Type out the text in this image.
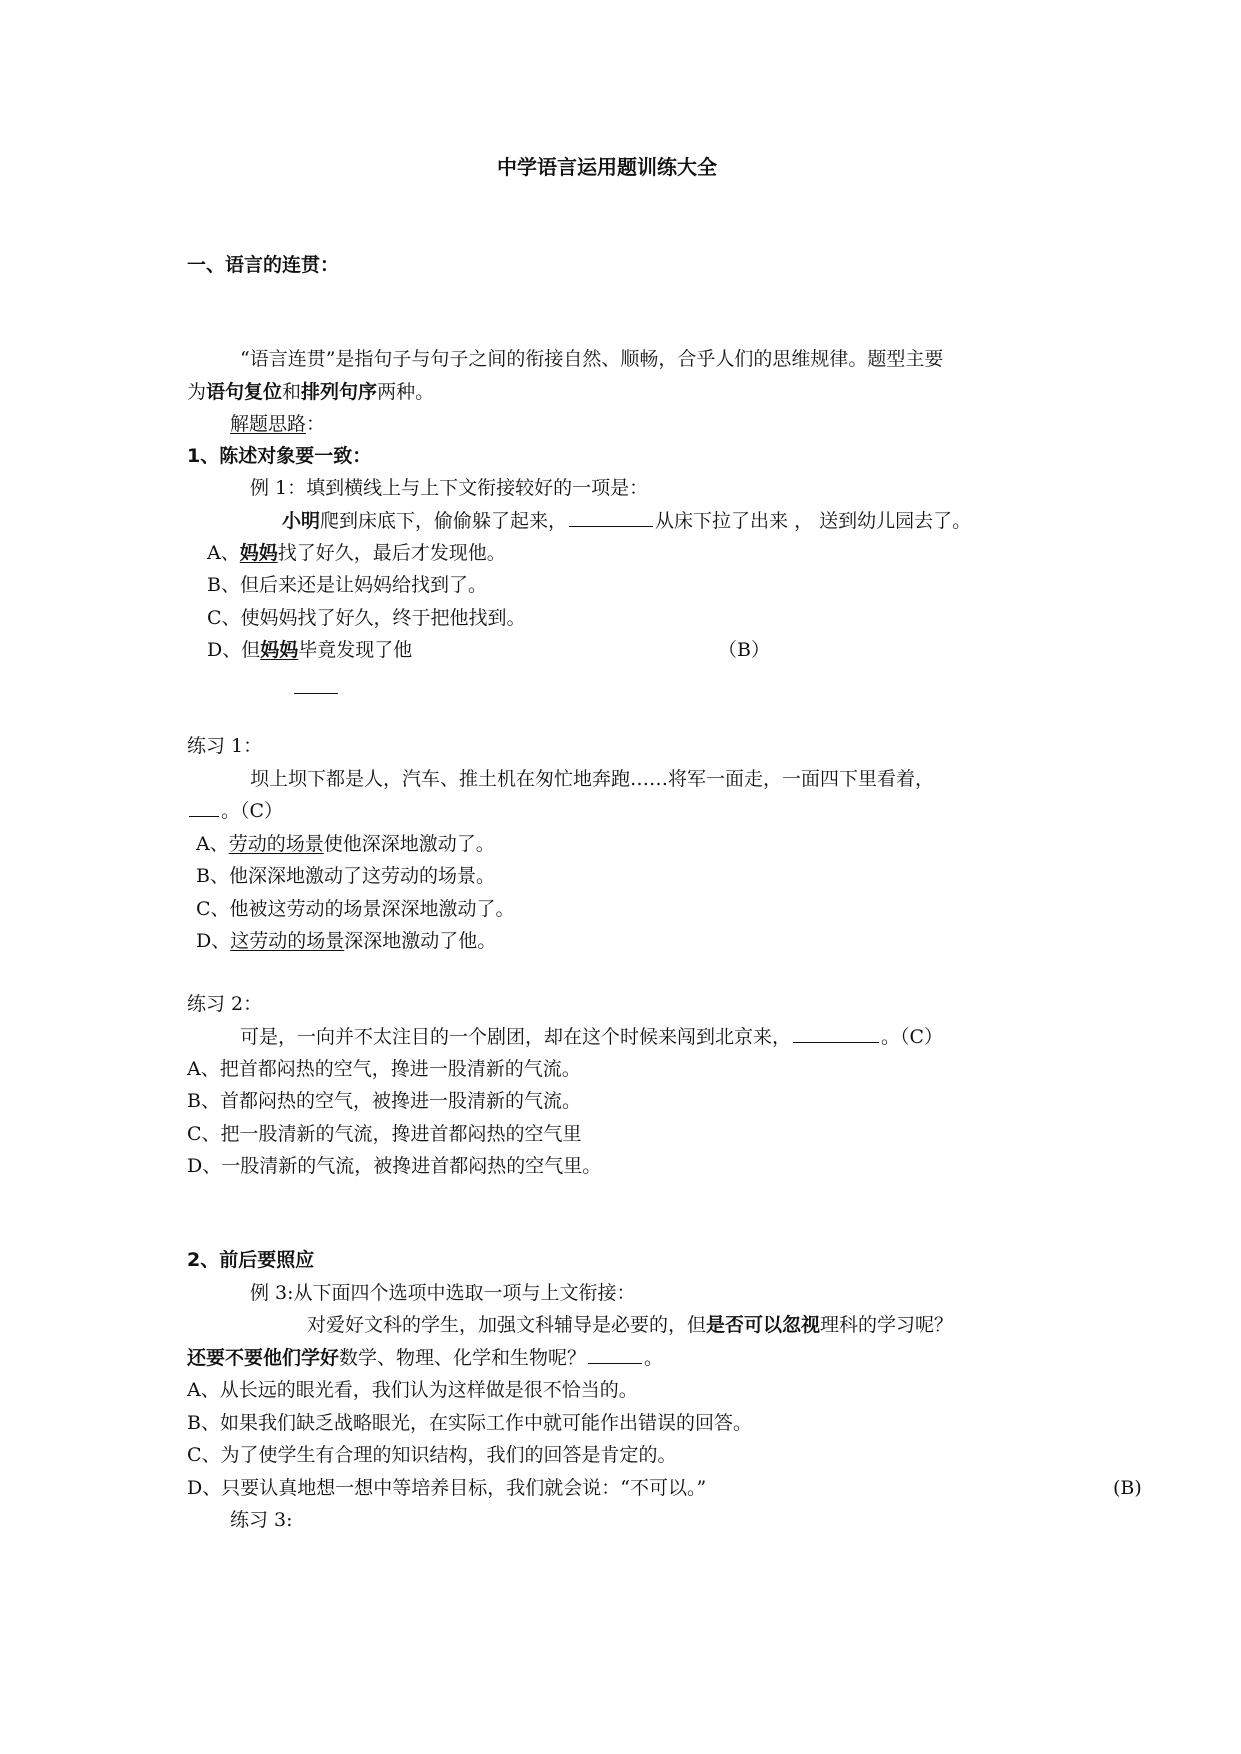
中学语言运用题训练大全
一、语言的连贯：
“语言连贯”是指句子与句子之间的衔接自然、顺畅，合乎人们的思维规律。题型主要
为语句复位和排列句序两种。
解题思路：
1、陈述对象要一致：
例 1：填到横线上与上下文衔接较好的一项是：
小明爬到床底下，偷偷躲了起来，	从床下拉了出来 ， 送到幼儿园去了。
A、妈妈找了好久，最后才发现他。
B、但后来还是让妈妈给找到了。
C、使妈妈找了好久，终于把他找到。
D、但妈妈毕竟发现了他	（B）
练习 1：
坝上坝下都是人，汽车、推土机在匆忙地奔跑……将军一面走，一面四下里看着，
。（C）
A、劳动的场景使他深深地激动了。
B、他深深地激动了这劳动的场景。
C、他被这劳动的场景深深地激动了。
D、这劳动的场景深深地激动了他。
练习 2：
可是，一向并不太注目的一个剧团，却在这个时候来闯到北京来，	。（C）
A、把首都闷热的空气，搀进一股清新的气流。
B、首都闷热的空气，被搀进一股清新的气流。
C、把一股清新的气流，搀进首都闷热的空气里
D、一股清新的气流，被搀进首都闷热的空气里。
2、前后要照应
例 3:从下面四个选项中选取一项与上文衔接：
对爱好文科的学生，加强文科辅导是必要的，但是否可以忽视理科的学习呢？
还要不要他们学好数学、物理、化学和生物呢？	。
A、从长远的眼光看，我们认为这样做是很不恰当的。
B、如果我们缺乏战略眼光，在实际工作中就可能作出错误的回答。
C、为了使学生有合理的知识结构，我们的回答是肯定的。
D、只要认真地想一想中等培养目标，我们就会说：“不可以。”	(B)
练习 3:
